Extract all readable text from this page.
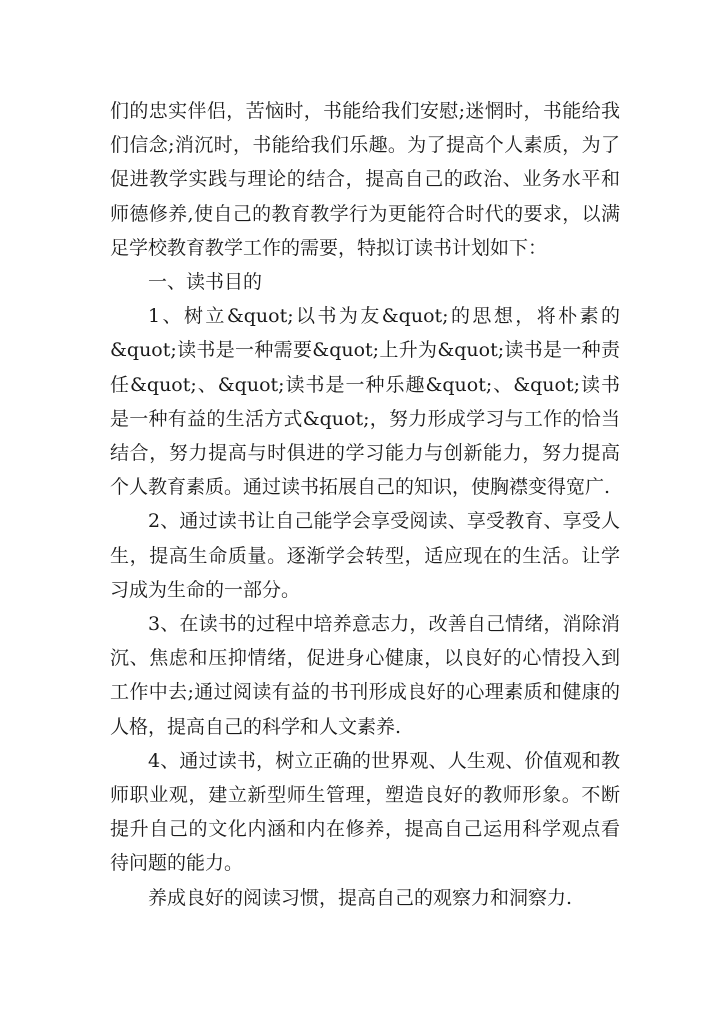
们的忠实伴侣，苦恼时，书能给我们安慰;迷惘时，书能给我们信念;消沉时，书能给我们乐趣。为了提高个人素质，为了促进教学实践与理论的结合，提高自己的政治、业务水平和师德修养,使自己的教育教学行为更能符合时代的要求，以满足学校教育教学工作的需要，特拟订读书计划如下：

一、读书目的

1、树立&quot;以书为友&quot;的思想，将朴素的&quot;读书是一种需要&quot;上升为&quot;读书是一种责任&quot;、&quot;读书是一种乐趣&quot;、&quot;读书是一种有益的生活方式&quot;，努力形成学习与工作的恰当结合，努力提高与时俱进的学习能力与创新能力，努力提高个人教育素质。通过读书拓展自己的知识，使胸襟变得宽广.

2、通过读书让自己能学会享受阅读、享受教育、享受人生，提高生命质量。逐渐学会转型，适应现在的生活。让学习成为生命的一部分。

3、在读书的过程中培养意志力，改善自己情绪，消除消沉、焦虑和压抑情绪，促进身心健康，以良好的心情投入到工作中去;通过阅读有益的书刊形成良好的心理素质和健康的人格，提高自己的科学和人文素养.

4、通过读书，树立正确的世界观、人生观、价值观和教师职业观，建立新型师生管理，塑造良好的教师形象。不断提升自己的文化内涵和内在修养，提高自己运用科学观点看待问题的能力。

养成良好的阅读习惯，提高自己的观察力和洞察力.
